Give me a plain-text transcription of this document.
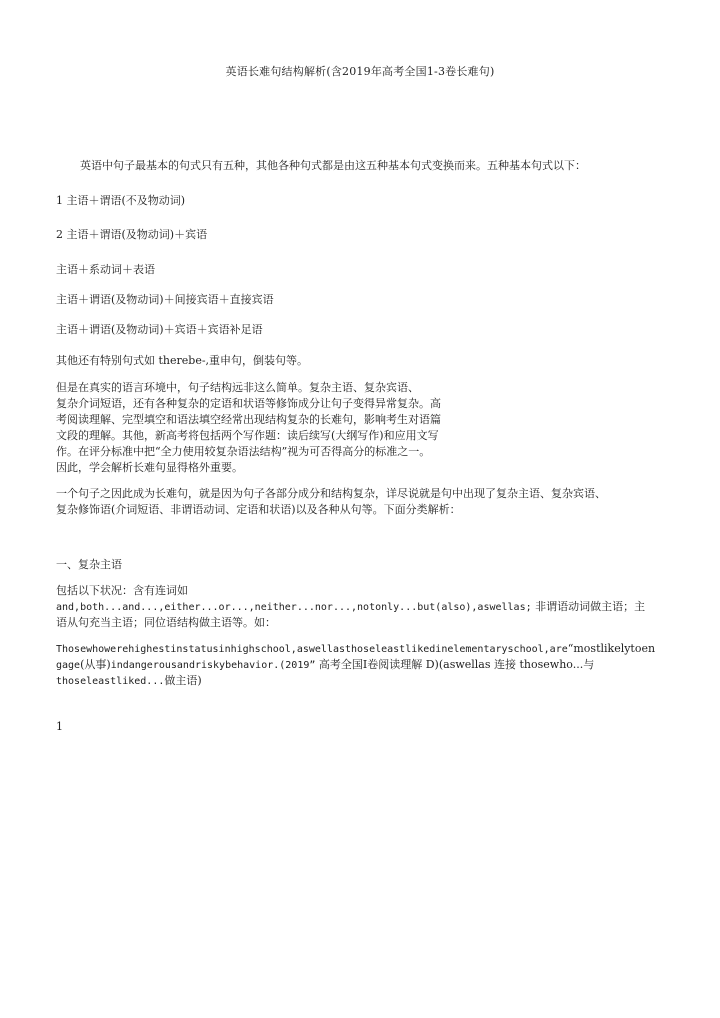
英语长难句结构解析(含2019年高考全国1-3卷长难句)
英语中句子最基本的句式只有五种，其他各种句式都是由这五种基本句式变换而来。五种基本句式以下：
1 主语＋谓语(不及物动词)
2 主语＋谓语(及物动词)＋宾语
主语＋系动词＋表语
主语＋谓语(及物动词)＋间接宾语＋直接宾语
主语＋谓语(及物动词)＋宾语＋宾语补足语
其他还有特别句式如 therebe-,重申句，倒装句等。
但是在真实的语言环境中，句子结构远非这么简单。复杂主语、复杂宾语、
复杂介词短语，还有各种复杂的定语和状语等修饰成分让句子变得异常复杂。高
考阅读理解、完型填空和语法填空经常出现结构复杂的长难句，影响考生对语篇
文段的理解。其他，新高考将包括两个写作题：读后续写(大纲写作)和应用文写
作。在评分标准中把“全力使用较复杂语法结构”视为可否得高分的标准之一。
因此，学会解析长难句显得格外重要。
一个句子之因此成为长难句，就是因为句子各部分成分和结构复杂，详尽说就是句中出现了复杂主语、复杂宾语、
复杂修饰语(介词短语、非谓语动词、定语和状语)以及各种从句等。下面分类解析：
一、复杂主语
包括以下状况：含有连词如
and,both...and...,either...or...,neither...nor...,notonly...but(also),aswellas; 非谓语动词做主语；主
语从句充当主语；同位语结构做主语等。如：
Thosewhowerehighestinstatusinhighschool,aswellasthoseleastlikedinelementaryschool,are“mostlikelytoen
gage(从事)indangerousandriskybehavior.(2019” 高考全国Ⅰ卷阅读理解 D)(aswellas 连接 thosewho...与
thoseleastliked...做主语)
1
